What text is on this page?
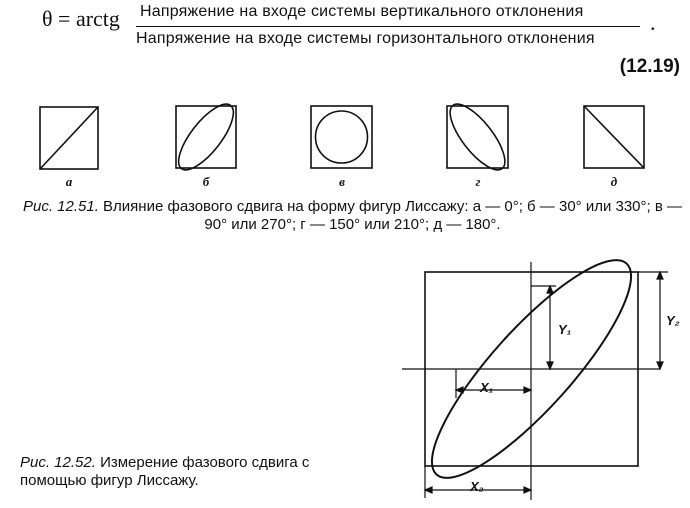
θ = arctg Напряжение на входе системы вертикального отклонения
Напряжение на входе системы горизонтального отклонения
.
(12.19)
а	б	в	г	д
Рис. 12.51. Влияние фазового сдвига на форму фигур Лиссажу: а — 0°; б — 30° или 330°; в — 90° или 270°; г — 150° или 210°; д — 180°.
X₁
X₂
Y₁
Y₂
Рис. 12.52. Измерение фазового сдвига с помощью фигур Лиссажу.
